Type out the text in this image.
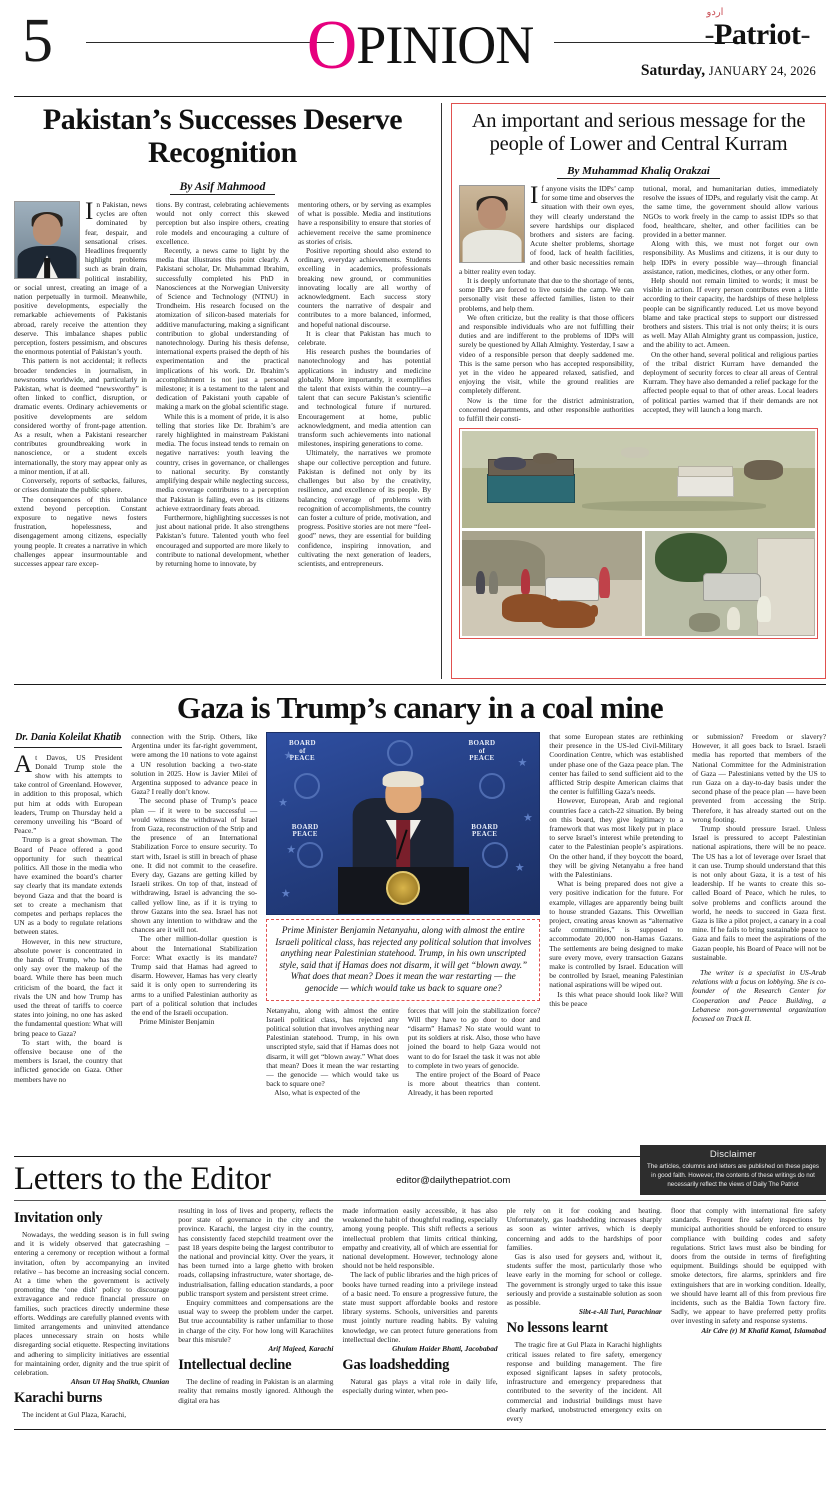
5	OPINION
اردو
-Patriot-
Saturday, JANUARY 24, 2026
Pakistan’s Successes Deserve Recognition
By Asif Mahmood

In Pakistan, news cycles are often dominated by fear, despair, and sensational crises. Headlines frequently highlight problems such as brain drain, political instability, or social unrest, creating an image of a nation perpetually in turmoil. Meanwhile, positive developments, especially the remarkable achievements of Pakistanis abroad, rarely receive the attention they deserve. This imbalance shapes public perception, fosters pessimism, and obscures the enormous potential of Pakistan’s youth.

This pattern is not accidental; it reflects broader tendencies in journalism, in newsrooms worldwide, and particularly in Pakistan, what is deemed “newsworthy” is often linked to conflict, disruption, or dramatic events. Ordinary achievements or positive developments are seldom considered worthy of front-page attention. As a result, when a Pakistani researcher contributes groundbreaking work in nanoscience, or a student excels internationally, the story may appear only as a minor mention, if at all.

Conversely, reports of setbacks, failures, or crises dominate the public sphere.

The consequences of this imbalance extend beyond perception. Constant exposure to negative news fosters frustration, hopelessness, and disengagement among citizens, especially young people. It creates a narrative in which challenges appear insurmountable and successes appear rare excep-

tions. By contrast, celebrating achievements would not only correct this skewed perception but also inspire others, creating role models and encouraging a culture of excellence.

Recently, a news came to light by the media that illustrates this point clearly. A Pakistani scholar, Dr. Muhammad Ibrahim, successfully completed his PhD in Nanosciences at the Norwegian University of Science and Technology (NTNU) in Trondheim. His research focused on the atomization of silicon-based materials for additive manufacturing, making a significant contribution to global understanding of nanotechnology. During his thesis defense, international experts praised the depth of his experimentation and the practical implications of his work. Dr. Ibrahim’s accomplishment is not just a personal milestone; it is a testament to the talent and dedication of Pakistani youth capable of making a mark on the global scientific stage.

While this is a moment of pride, it is also telling that stories like Dr. Ibrahim’s are rarely highlighted in mainstream Pakistani media. The focus instead tends to remain on negative narratives: youth leaving the country, crises in governance, or challenges to national security. By constantly amplifying despair while neglecting success, media coverage contributes to a perception that Pakistan is failing, even as its citizens achieve extraordinary feats abroad.

Furthermore, highlighting successes is not just about national pride. It also strengthens Pakistan’s future. Talented youth who feel encouraged and supported are more likely to contribute to national development, whether by returning home to innovate, by

mentoring others, or by serving as examples of what is possible. Media and institutions have a responsibility to ensure that stories of achievement receive the same prominence as stories of crisis.

Positive reporting should also extend to ordinary, everyday achievements. Students excelling in academics, professionals breaking new ground, or communities innovating locally are all worthy of acknowledgment. Each success story counters the narrative of despair and contributes to a more balanced, informed, and hopeful national discourse.

It is clear that Pakistan has much to celebrate.

His research pushes the boundaries of nanotechnology and has potential applications in industry and medicine globally. More importantly, it exemplifies the talent that exists within the country—a talent that can secure Pakistan’s scientific and technological future if nurtured. Encouragement at home, public acknowledgment, and media attention can transform such achievements into national milestones, inspiring generations to come.

Ultimately, the narratives we promote shape our collective perception and future. Pakistan is defined not only by its challenges but also by the creativity, resilience, and excellence of its people. By balancing coverage of problems with recognition of accomplishments, the country can foster a culture of pride, motivation, and progress. Positive stories are not mere “feel-good” news, they are essential for building confidence, inspiring innovation, and cultivating the next generation of leaders, scientists, and entrepreneurs.

An important and serious message for the people of Lower and Central Kurram
By Muhammad Khaliq Orakzai

If anyone visits the IDPs’ camp for some time and observes the situation with their own eyes, they will clearly understand the severe hardships our displaced brothers and sisters are facing. Acute shelter problems, shortage of food, lack of health facilities, and other basic necessities remain a bitter reality even today.

It is deeply unfortunate that due to the shortage of tents, some IDPs are forced to live outside the camp. We can personally visit these affected families, listen to their problems, and help them.

We often criticize, but the reality is that those officers and responsible individuals who are not fulfilling their duties and are indifferent to the problems of IDPs will surely be questioned by Allah Almighty. Yesterday, I saw a video of a responsible person that deeply saddened me. This is the same person who has accepted responsibility, yet in the video he appeared relaxed, satisfied, and enjoying the visit, while the ground realities are completely different.

Now is the time for the district administration, concerned departments, and other responsible authorities to fulfill their consti-

tutional, moral, and humanitarian duties, immediately resolve the issues of IDPs, and regularly visit the camp. At the same time, the government should allow various NGOs to work freely in the camp to assist IDPs so that food, healthcare, shelter, and other facilities can be provided in a better manner.

Along with this, we must not forget our own responsibility. As Muslims and citizens, it is our duty to help IDPs in every possible way—through financial assistance, ration, medicines, clothes, or any other form.

Help should not remain limited to words; it must be visible in action. If every person contributes even a little according to their capacity, the hardships of these helpless people can be significantly reduced. Let us move beyond blame and take practical steps to support our distressed brothers and sisters. This trial is not only theirs; it is ours as well. May Allah Almighty grant us compassion, justice, and the ability to act. Ameen.

On the other hand, several political and religious parties of the tribal district Kurram have demanded the deployment of security forces to clear all areas of Central Kurram. They have also demanded a relief package for the affected people equal to that of other areas. Local leaders of political parties warned that if their demands are not accepted, they will launch a long march.

Gaza is Trump’s canary in a coal mine
Dr. Dania Koleilat Khatib

At Davos, US President Donald Trump stole the show with his attempts to take control of Greenland. However, in addition to this proposal, which put him at odds with European leaders, Trump on Thursday held a ceremony unveiling his “Board of Peace.”

Trump is a great showman. The Board of Peace offered a good opportunity for such theatrical politics. All those in the media who have examined the board’s charter say clearly that its mandate extends beyond Gaza and that the board is set to create a mechanism that competes and perhaps replaces the UN as a body to regulate relations between states.

However, in this new structure, absolute power is concentrated in the hands of Trump, who has the only say over the makeup of the board. While there has been much criticism of the board, the fact it rivals the UN and how Trump has used the threat of tariffs to coerce states into joining, no one has asked the fundamental question: What will bring peace to Gaza?

To start with, the board is offensive because one of the members is Israel, the country that inflicted genocide on Gaza. Other members have no

connection with the Strip. Others, like Argentina under its far-right government, were among the 10 nations to vote against a UN resolution backing a two-state solution in 2025. How is Javier Milei of Argentina supposed to advance peace in Gaza? I really don’t know.

The second phase of Trump’s peace plan — if it were to be successful — would witness the withdrawal of Israel from Gaza, reconstruction of the Strip and the presence of an International Stabilization Force to ensure security. To start with, Israel is still in breach of phase one. It did not commit to the ceasefire. Every day, Gazans are getting killed by Israeli strikes. On top of that, instead of withdrawing, Israel is advancing the so-called yellow line, as if it is trying to throw Gazans into the sea. Israel has not shown any intention to withdraw and the chances are it will not.

The other million-dollar question is about the International Stabilization Force: What exactly is its mandate? Trump said that Hamas had agreed to disarm. However, Hamas has very clearly said it is only open to surrendering its arms to a unified Palestinian authority as part of a political solution that includes the end of the Israeli occupation.

Prime Minister Benjamin

★
★
★
★
★
★
★
BOARD
of
PEACE
BOARD
of
PEACE
BOARD
PEACE
BOARD
PEACE

Prime Minister Benjamin Netanyahu, along with almost the entire Israeli political class, has rejected any political solution that involves anything near Palestinian statehood. Trump, in his own unscripted style, said that if Hamas does not disarm, it will get “blown away.” What does that mean? Does it mean the war restarting — the genocide — which would take us back to square one?

Netanyahu, along with almost the entire Israeli political class, has rejected any political solution that involves anything near Palestinian statehood. Trump, in his own unscripted style, said that if Hamas does not disarm, it will get “blown away.” What does that mean? Does it mean the war restarting — the genocide — which would take us back to square one?

Also, what is expected of the

forces that will join the stabilization force? Will they have to go door to door and “disarm” Hamas? No state would want to put its soldiers at risk. Also, those who have joined the board to help Gaza would not want to do for Israel the task it was not able to complete in two years of genocide.

The entire project of the Board of Peace is more about theatrics than content. Already, it has been reported

that some European states are rethinking their presence in the US-led Civil-Military Coordination Centre, which was established under phase one of the Gaza peace plan. The center has failed to send sufficient aid to the afflicted Strip despite American claims that the center is fulfilling Gaza’s needs.

However, European, Arab and regional countries face a catch-22 situation. By being on this board, they give legitimacy to a framework that was most likely put in place to serve Israel’s interest while pretending to cater to the Palestinian people’s aspirations. On the other hand, if they boycott the board, they will be giving Netanyahu a free hand with the Palestinians.

What is being prepared does not give a very positive indication for the future. For example, villages are apparently being built to house stranded Gazans. This Orwellian project, creating areas known as “alternative safe communities,” is supposed to accommodate 20,000 non-Hamas Gazans. The settlements are being designed to make sure every move, every transaction Gazans make is controlled by Israel. Education will be controlled by Israel, meaning Palestinian national aspirations will be wiped out.

Is this what peace should look like? Will this be peace

or submission? Freedom or slavery? However, it all goes back to Israel. Israeli media has reported that members of the National Committee for the Administration of Gaza — Palestinians vetted by the US to run Gaza on a day-to-day basis under the second phase of the peace plan — have been prevented from accessing the Strip. Therefore, it has already started out on the wrong footing.

Trump should pressure Israel. Unless Israel is pressured to accept Palestinian national aspirations, there will be no peace. The US has a lot of leverage over Israel that it can use. Trump should understand that this is not only about Gaza, it is a test of his leadership. If he wants to create this so-called Board of Peace, which he rules, to solve problems and conflicts around the world, he needs to succeed in Gaza first. Gaza is like a pilot project, a canary in a coal mine. If he fails to bring sustainable peace to Gaza and fails to meet the aspirations of the Gazan people, his Board of Peace will not be sustainable.

The writer is a specialist in US-Arab relations with a focus on lobbying. She is co-founder of the Research Center for Cooperation and Peace Building, a Lebanese non-governmental organization focused on Track II.
Letters to the Editor	editor@dailythepatriot.com
Disclaimer
The articles, columns and letters are published on these pages in good faith. However, the contents of these writings do not necessarily reflect the views of Daily The Patriot
Invitation only

Nowadays, the wedding season is in full swing and it is widely observed that gatecrashing – entering a ceremony or reception without a formal invitation, often by accompanying an invited relative – has become an increasing social concern. At a time when the government is actively promoting the ‘one dish’ policy to discourage extravagance and reduce financial pressure on families, such practices directly undermine these efforts. Weddings are carefully planned events with limited arrangements and uninvited attendance places unnecessary strain on hosts while disregarding social etiquette. Respecting invitations and adhering to simplicity initiatives are essential for maintaining order, dignity and the true spirit of celebration.

Ahsan Ul Haq Shaikh, Chunian

Karachi burns

The incident at Gul Plaza, Karachi,

resulting in loss of lives and property, reflects the poor state of governance in the city and the province. Karachi, the largest city in the country, has consistently faced stepchild treatment over the past 18 years despite being the largest contributor to the national and provincial kitty. Over the years, it has been turned into a large ghetto with broken roads, collapsing infrastructure, water shortage, de-industrialisation, falling education standards, a poor public transport system and persistent street crime.

Enquiry committees and compensations are the usual way to sweep the problem under the carpet. But true accountability is rather unfamiliar to those in charge of the city. For how long will Karachiites bear this misrule?

Arif Majeed, Karachi

Intellectual decline

The decline of reading in Pakistan is an alarming reality that remains mostly ignored. Although the digital era has

made information easily accessible, it has also weakened the habit of thoughtful reading, especially among young people. This shift reflects a serious intellectual problem that limits critical thinking, empathy and creativity, all of which are essential for national development. However, technology alone should not be held responsible.

The lack of public libraries and the high prices of books have turned reading into a privilege instead of a basic need. To ensure a progressive future, the state must support affordable books and restore library systems. Schools, universities and parents must jointly nurture reading habits. By valuing knowledge, we can protect future generations from intellectual decline.

Ghulam Haider Bhatti, Jacobabad

Gas loadshedding

Natural gas plays a vital role in daily life, especially during winter, when peo-

ple rely on it for cooking and heating. Unfortunately, gas loadshedding increases sharply as soon as winter arrives, which is deeply concerning and adds to the hardships of poor families.

Gas is also used for geysers and, without it, students suffer the most, particularly those who leave early in the morning for school or college. The government is strongly urged to take this issue seriously and provide a sustainable solution as soon as possible.

Sibt-e-Ali Turi, Parachinar

No lessons learnt

The tragic fire at Gul Plaza in Karachi highlights critical issues related to fire safety, emergency response and building management. The fire exposed significant lapses in safety protocols, infrastructure and emergency preparedness that contributed to the severity of the incident. All commercial and industrial buildings must have clearly marked, unobstructed emergency exits on every

floor that comply with international fire safety standards. Frequent fire safety inspections by municipal authorities should be enforced to ensure compliance with building codes and safety regulations. Strict laws must also be binding for doors from the outside in terms of firefighting equipment. Buildings should be equipped with smoke detectors, fire alarms, sprinklers and fire extinguishers that are in working condition. Ideally, we should have learnt all of this from previous fire incidents, such as the Baldia Town factory fire. Sadly, we appear to have preferred petty profits over investing in safety and response systems.

Air Cdre (r) M Khalid Kamal, Islamabad
